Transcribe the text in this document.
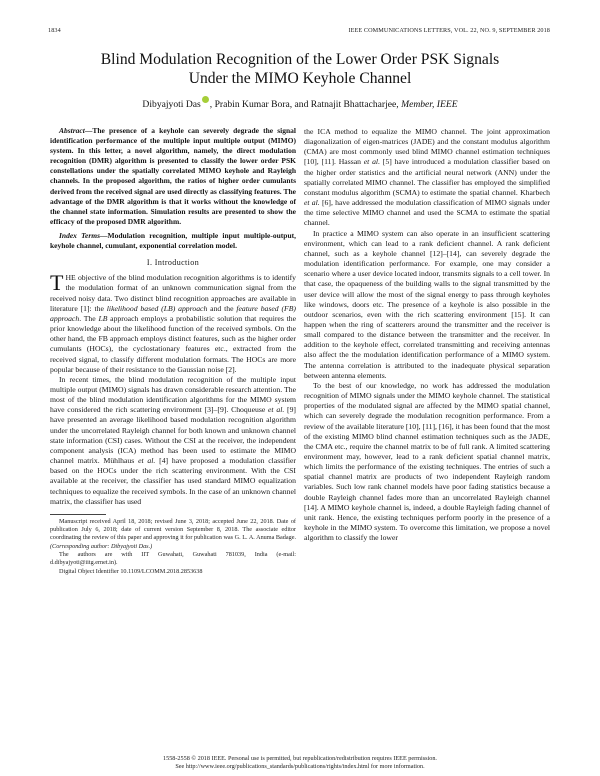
1834	IEEE COMMUNICATIONS LETTERS, VOL. 22, NO. 9, SEPTEMBER 2018
Blind Modulation Recognition of the Lower Order PSK Signals
Under the MIMO Keyhole Channel
Dibyajyoti Das , Prabin Kumar Bora, and Ratnajit Bhattacharjee, Member, IEEE

Abstract—The presence of a keyhole can severely degrade the signal identification performance of the multiple input multiple output (MIMO) system. In this letter, a novel algorithm, namely, the direct modulation recognition (DMR) algorithm is presented to classify the lower order PSK constellations under the spatially correlated MIMO keyhole and Rayleigh channels. In the proposed algorithm, the ratios of higher order cumulants derived from the received signal are used directly as classifying features. The advantage of the DMR algorithm is that it works without the knowledge of the channel state information. Simulation results are presented to show the efficacy of the proposed DMR algorithm.

Index Terms—Modulation recognition, multiple input multiple-output, keyhole channel, cumulant, exponential correlation model.

I. Introduction

THE objective of the blind modulation recognition algorithms is to identify the modulation format of an unknown communication signal from the received noisy data. Two distinct blind recognition approaches are available in literature [1]: the likelihood based (LB) approach and the feature based (FB) approach. The LB approach employs a probabilistic solution that requires the prior knowledge about the likelihood function of the received symbols. On the other hand, the FB approach employs distinct features, such as the higher order cumulants (HOCs), the cyclostationary features etc., extracted from the received signal, to classify different modulation formats. The HOCs are more popular because of their resistance to the Gaussian noise [2].

In recent times, the blind modulation recognition of the multiple input multiple output (MIMO) signals has drawn considerable research attention. The most of the blind modulation identification algorithms for the MIMO system have considered the rich scattering environment [3]–[9]. Choqueuse et al. [9] have presented an average likelihood based modulation recognition algorithm under the uncorrelated Rayleigh channel for both known and unknown channel state information (CSI) cases. Without the CSI at the receiver, the independent component analysis (ICA) method has been used to estimate the MIMO channel matrix. Mühlhaus et al. [4] have proposed a modulation classifier based on the HOCs under the rich scattering environment. With the CSI available at the receiver, the classifier has used standard MIMO equalization techniques to equalize the received symbols. In the case of an unknown channel matrix, the classifier has used

Manuscript received April 18, 2018; revised June 3, 2018; accepted June 22, 2018. Date of publication July 6, 2018; date of current version September 8, 2018. The associate editor coordinating the review of this paper and approving it for publication was G. L. A. Anuma Badage. (Corresponding author: Dibyajyoti Das.)

The authors are with IIT Guwahati, Guwahati 781039, India (e-mail: d.dibyajyoti@iitg.ernet.in).

Digital Object Identifier 10.1109/LCOMM.2018.2853638

the ICA method to equalize the MIMO channel. The joint approximation diagonalization of eigen-matrices (JADE) and the constant modulus algorithm (CMA) are most commonly used blind MIMO channel estimation techniques [10], [11]. Hassan et al. [5] have introduced a modulation classifier based on the higher order statistics and the artificial neural network (ANN) under the spatially correlated MIMO channel. The classifier has employed the simplified constant modulus algorithm (SCMA) to estimate the spatial channel. Kharbech et al. [6], have addressed the modulation classification of MIMO signals under the time selective MIMO channel and used the SCMA to estimate the spatial channel.

In practice a MIMO system can also operate in an insufficient scattering environment, which can lead to a rank deficient channel. A rank deficient channel, such as a keyhole channel [12]–[14], can severely degrade the modulation identification performance. For example, one may consider a scenario where a user device located indoor, transmits signals to a cell tower. In that case, the opaqueness of the building walls to the signal transmitted by the user device will allow the most of the signal energy to pass through keyholes like windows, doors etc. The presence of a keyhole is also possible in the outdoor scenarios, even with the rich scattering environment [15]. It can happen when the ring of scatterers around the transmitter and the receiver is small compared to the distance between the transmitter and the receiver. In addition to the keyhole effect, correlated transmitting and receiving antennas also affect the the modulation identification performance of a MIMO system. The antenna correlation is attributed to the inadequate physical separation between antenna elements.

To the best of our knowledge, no work has addressed the modulation recognition of MIMO signals under the MIMO keyhole channel. The statistical properties of the modulated signal are affected by the MIMO spatial channel, which can severely degrade the modulation recognition performance. From a review of the available literature [10], [11], [16], it has been found that the most of the existing MIMO blind channel estimation techniques such as the JADE, the CMA etc., require the channel matrix to be of full rank. A limited scattering environment may, however, lead to a rank deficient spatial channel matrix, which limits the performance of the existing techniques. The entries of such a spatial channel matrix are products of two independent Rayleigh random variables. Such low rank channel models have poor fading statistics because a double Rayleigh channel fades more than an uncorrelated Rayleigh channel [14]. A MIMO keyhole channel is, indeed, a double Rayleigh fading channel of unit rank. Hence, the existing techniques perform poorly in the presence of a keyhole in the MIMO system. To overcome this limitation, we propose a novel algorithm to classify the lower

1558-2558 © 2018 IEEE. Personal use is permitted, but republication/redistribution requires IEEE permission.
See http://www.ieee.org/publications_standards/publications/rights/index.html for more information.
